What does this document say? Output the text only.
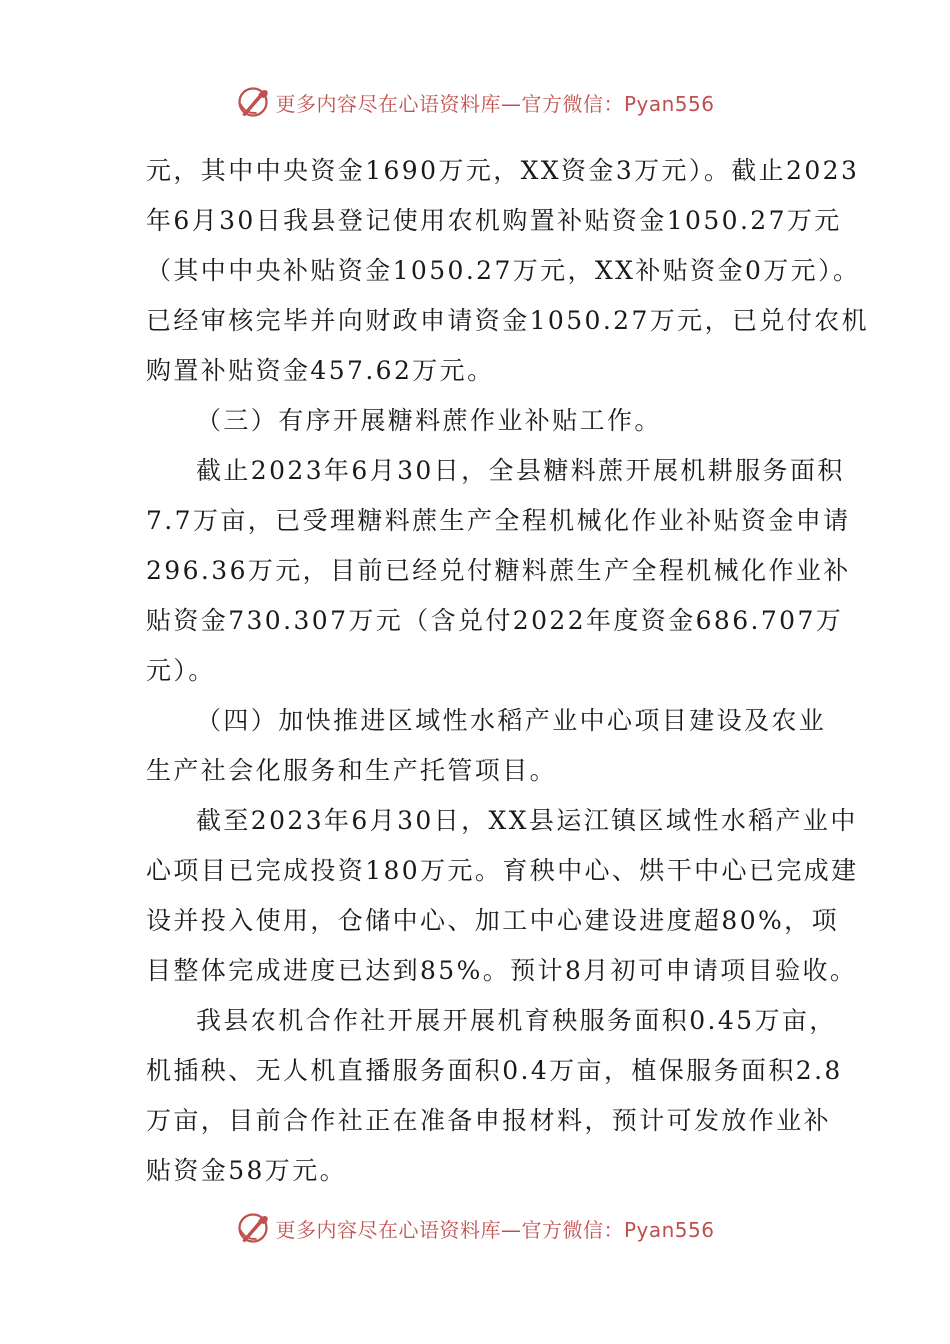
更多内容尽在心语资料库—官方微信：Pyan556
元，其中中央资金1690万元，XX资金3万元）。截止2023
年6月30日我县登记使用农机购置补贴资金1050.27万元
（其中中央补贴资金1050.27万元，XX补贴资金0万元）。
已经审核完毕并向财政申请资金1050.27万元，已兑付农机
购置补贴资金457.62万元。
（三）有序开展糖料蔗作业补贴工作。
截止2023年6月30日，全县糖料蔗开展机耕服务面积
7.7万亩，已受理糖料蔗生产全程机械化作业补贴资金申请
296.36万元，目前已经兑付糖料蔗生产全程机械化作业补
贴资金730.307万元（含兑付2022年度资金686.707万
元）。
（四）加快推进区域性水稻产业中心项目建设及农业
生产社会化服务和生产托管项目。
截至2023年6月30日，XX县运江镇区域性水稻产业中
心项目已完成投资180万元。育秧中心、烘干中心已完成建
设并投入使用，仓储中心、加工中心建设进度超80%，项
目整体完成进度已达到85%。预计8月初可申请项目验收。
我县农机合作社开展开展机育秧服务面积0.45万亩，
机插秧、无人机直播服务面积0.4万亩，植保服务面积2.8
万亩，目前合作社正在准备申报材料，预计可发放作业补
贴资金58万元。
更多内容尽在心语资料库—官方微信：Pyan556
